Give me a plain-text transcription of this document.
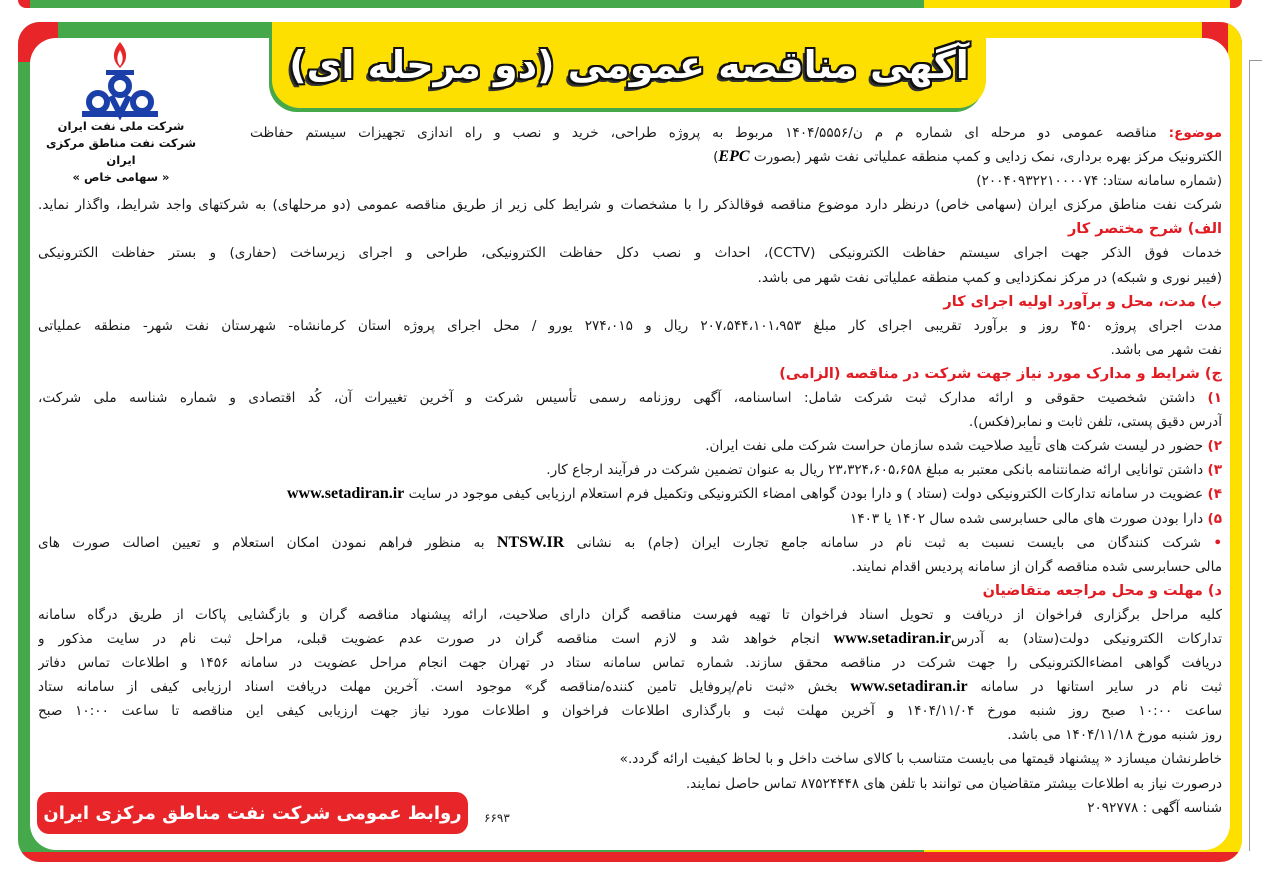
آگهی مناقصه عمومی (دو مرحله ای)
شرکت ملی نفت ایران
شرکت نفت مناطق مرکزی ایران
« سهامی خاص »
موضوع: مناقصه عمومی دو مرحله ای شماره م م ن/۱۴۰۴/۵۵۵۶ مربوط به پروژه طراحی، خرید و نصب و راه اندازی تجهیزات سیستم حفاظت
الکترونیک مرکز بهره برداری، نمک زدایی و کمپ منطقه عملیاتی نفت شهر (بصورت EPC)
(شماره سامانه ستاد: ۲۰۰۴۰۹۳۲۲۱۰۰۰۰۷۴)
شرکت نفت مناطق مرکزی ایران (سهامی خاص) درنظر دارد موضوع مناقصه فوقالذکر را با مشخصات و شرایط کلی زیر از طریق مناقصه عمومی (دو مرحلهای) به شرکتهای واجد شرایط، واگذار نماید.
الف) شرح مختصر کار
خدمات فوق الذکر جهت اجرای سیستم حفاظت الکترونیکی (CCTV)، احداث و نصب دکل حفاظت الکترونیکی، طراحی و اجرای زیرساخت (حفاری) و بستر حفاظت الکترونیکی
(فیبر نوری و شبکه) در مرکز نمکزدایی و کمپ منطقه عملیاتی نفت شهر می باشد.
ب) مدت، محل و برآورد اولیه اجرای کار
مدت اجرای پروژه ۴۵۰ روز و برآورد تقریبی اجرای کار مبلغ ۲۰۷،۵۴۴،۱۰۱،۹۵۳ ریال و ۲۷۴،۰۱۵ یورو / محل اجرای پروژه استان کرمانشاه- شهرستان نفت شهر- منطقه عملیاتی
نفت شهر می باشد.
ج) شرایط و مدارک مورد نیاز جهت شرکت در مناقصه (الزامی)
۱) داشتن شخصیت حقوقی و ارائه مدارک ثبت شرکت شامل: اساسنامه، آگهی روزنامه رسمی تأسیس شرکت و آخرین تغییرات آن، کُد اقتصادی و شماره شناسه ملی شرکت،
آدرس دقیق پستی، تلفن ثابت و نمابر(فکس).
۲) حضور در لیست شرکت های تأیید صلاحیت شده سازمان حراست شرکت ملی نفت ایران.
۳) داشتن توانایی ارائه ضمانتنامه بانکی معتبر به مبلغ ۲۳،۳۲۴،۶۰۵،۶۵۸ ریال به عنوان تضمین شرکت در فرآیند ارجاع کار.
۴) عضویت در سامانه تدارکات الکترونیکی دولت (ستاد ) و دارا بودن گواهی امضاء الکترونیکی وتکمیل فرم استعلام ارزیابی کیفی موجود در سایت www.setadiran.ir
۵) دارا بودن صورت های مالی حسابرسی شده سال ۱۴۰۲ یا ۱۴۰۳
• شرکت کنندگان می بایست نسبت به ثبت نام در سامانه جامع تجارت ایران (جام) به نشانی NTSW.IR به منظور فراهم نمودن امکان استعلام و تعیین اصالت صورت های
مالی حسابرسی شده مناقصه گران از سامانه پردیس اقدام نمایند.
د) مهلت و محل مراجعه متقاضیان
کلیه مراحل برگزاری فراخوان از دریافت و تحویل اسناد فراخوان تا تهیه فهرست مناقصه گران دارای صلاحیت، ارائه پیشنهاد مناقصه گران و بازگشایی پاکات از طریق درگاه سامانه
تدارکات الکترونیکی دولت(ستاد) به آدرسwww.setadiran.ir انجام خواهد شد و لازم است مناقصه گران در صورت عدم عضویت قبلی، مراحل ثبت نام در سایت مذکور و
دریافت گواهی امضاءالکترونیکی را جهت شرکت در مناقصه محقق سازند. شماره تماس سامانه ستاد در تهران جهت انجام مراحل عضویت در سامانه ۱۴۵۶ و اطلاعات تماس دفاتر
ثبت نام در سایر استانها در سامانه www.setadiran.ir بخش «ثبت نام/پروفایل تامین کننده/مناقصه گر» موجود است. آخرین مهلت دریافت اسناد ارزیابی کیفی از سامانه ستاد
ساعت ۱۰:۰۰ صبح روز شنبه مورخ ۱۴۰۴/۱۱/۰۴ و آخرین مهلت ثبت و بارگذاری اطلاعات فراخوان و اطلاعات مورد نیاز جهت ارزیابی کیفی این مناقصه تا ساعت ۱۰:۰۰ صبح
روز شنبه مورخ ۱۴۰۴/۱۱/۱۸ می باشد.
خاطرنشان میسازد « پیشنهاد قیمتها می بایست متناسب با کالای ساخت داخل و با لحاظ کیفیت ارائه گردد.»
درصورت نیاز به اطلاعات بیشتر متقاضیان می توانند با تلفن های ۸۷۵۲۴۴۴۸ تماس حاصل نمایند.
شناسه آگهی : ۲۰۹۲۷۷۸
روابط عمومی شرکت نفت مناطق مرکزی ایران ۶۶۹۳
